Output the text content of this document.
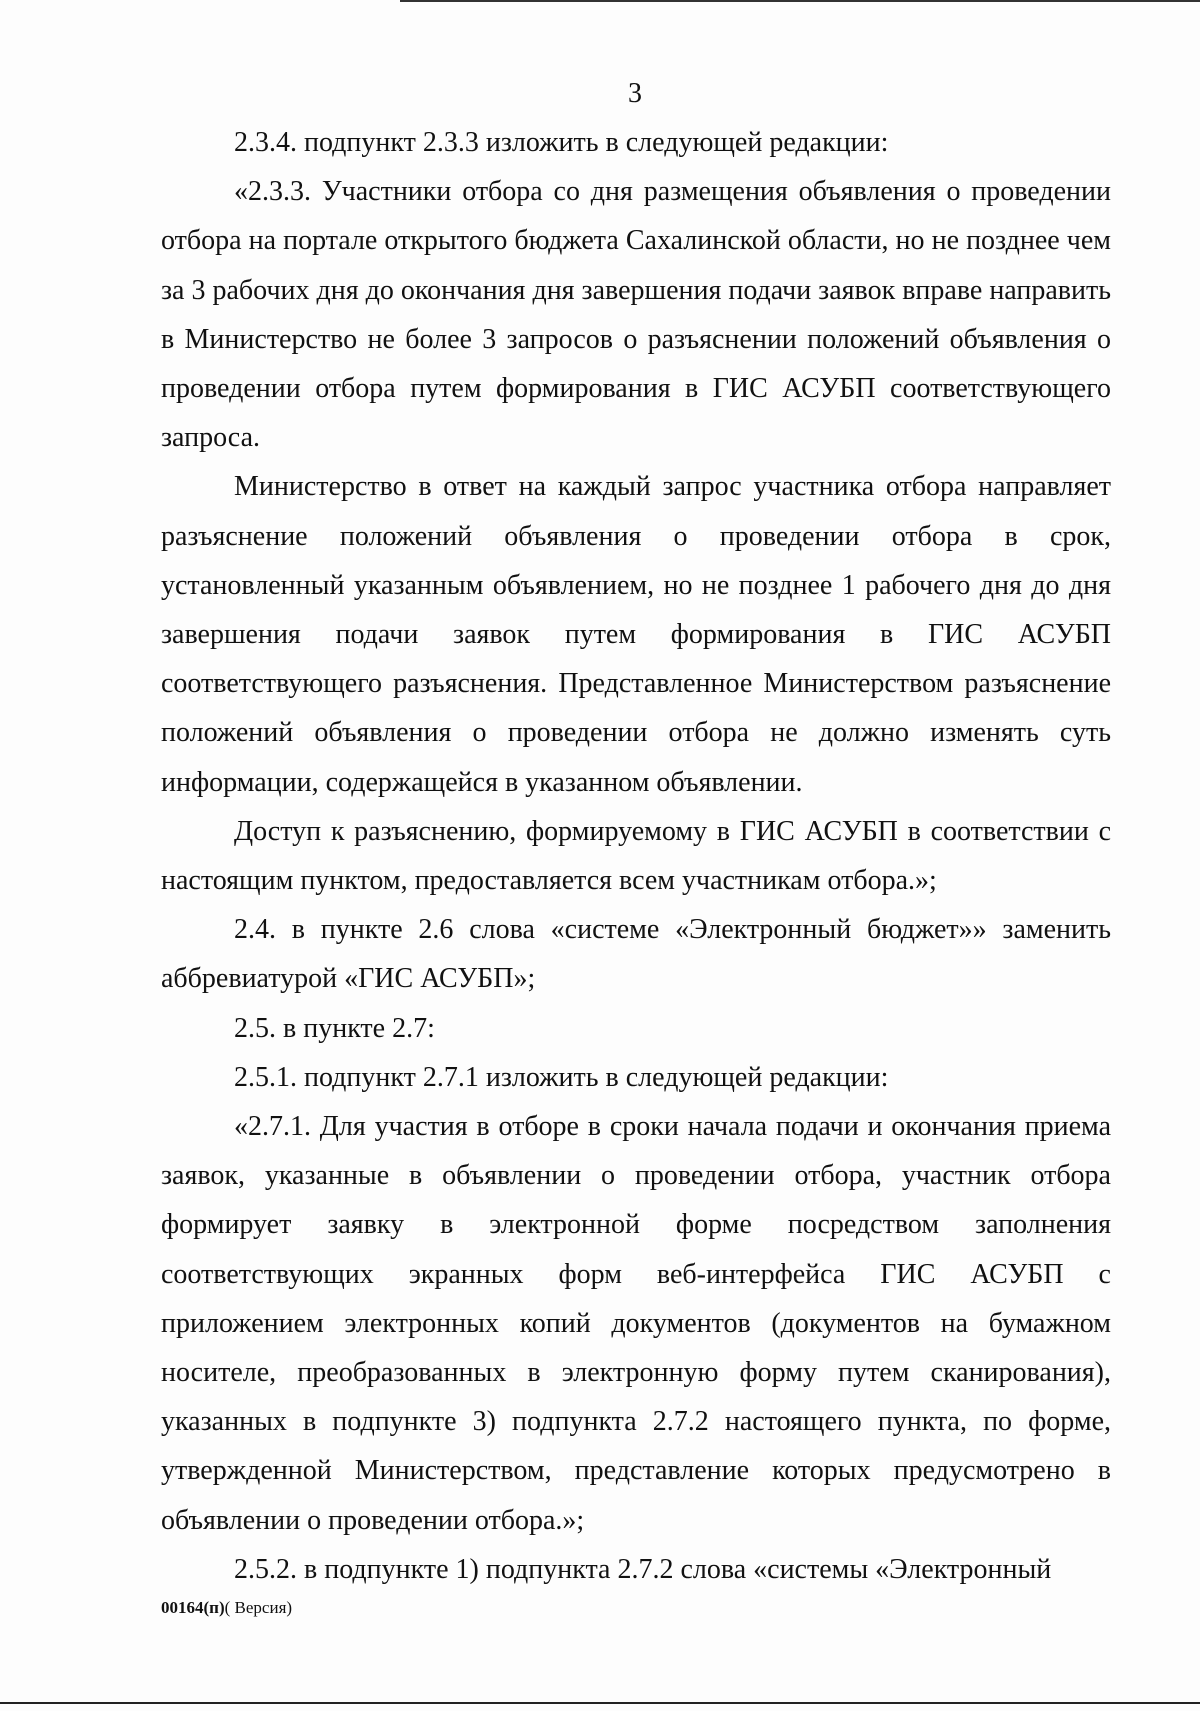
3

2.3.4. подпункт 2.3.3 изложить в следующей редакции:

«2.3.3. Участники отбора со дня размещения объявления о проведении отбора на портале открытого бюджета Сахалинской области, но не позднее чем за 3 рабочих дня до окончания дня завершения подачи заявок вправе направить в Министерство не более 3 запросов о разъяснении положений объявления о проведении отбора путем формирования в ГИС АСУБП соответствующего запроса.

Министерство в ответ на каждый запрос участника отбора направляет разъяснение положений объявления о проведении отбора в срок, установленный указанным объявлением, но не позднее 1 рабочего дня до дня завершения подачи заявок путем формирования в ГИС АСУБП соответствующего разъяснения. Представленное Министерством разъяснение положений объявления о проведении отбора не должно изменять суть информации, содержащейся в указанном объявлении.

Доступ к разъяснению, формируемому в ГИС АСУБП в соответствии с настоящим пунктом, предоставляется всем участникам отбора.»;

2.4. в пункте 2.6 слова «системе «Электронный бюджет»» заменить аббревиатурой «ГИС АСУБП»;

2.5. в пункте 2.7:

2.5.1. подпункт 2.7.1 изложить в следующей редакции:

«2.7.1. Для участия в отборе в сроки начала подачи и окончания приема заявок, указанные в объявлении о проведении отбора, участник отбора формирует заявку в электронной форме посредством заполнения соответствующих экранных форм веб-интерфейса ГИС АСУБП с приложением электронных копий документов (документов на бумажном носителе, преобразованных в электронную форму путем сканирования), указанных в подпункте 3) подпункта 2.7.2 настоящего пункта, по форме, утвержденной Министерством, представление которых предусмотрено в объявлении о проведении отбора.»;

2.5.2. в подпункте 1) подпункта 2.7.2 слова «системы «Электронный

00164(п)( Версия)
